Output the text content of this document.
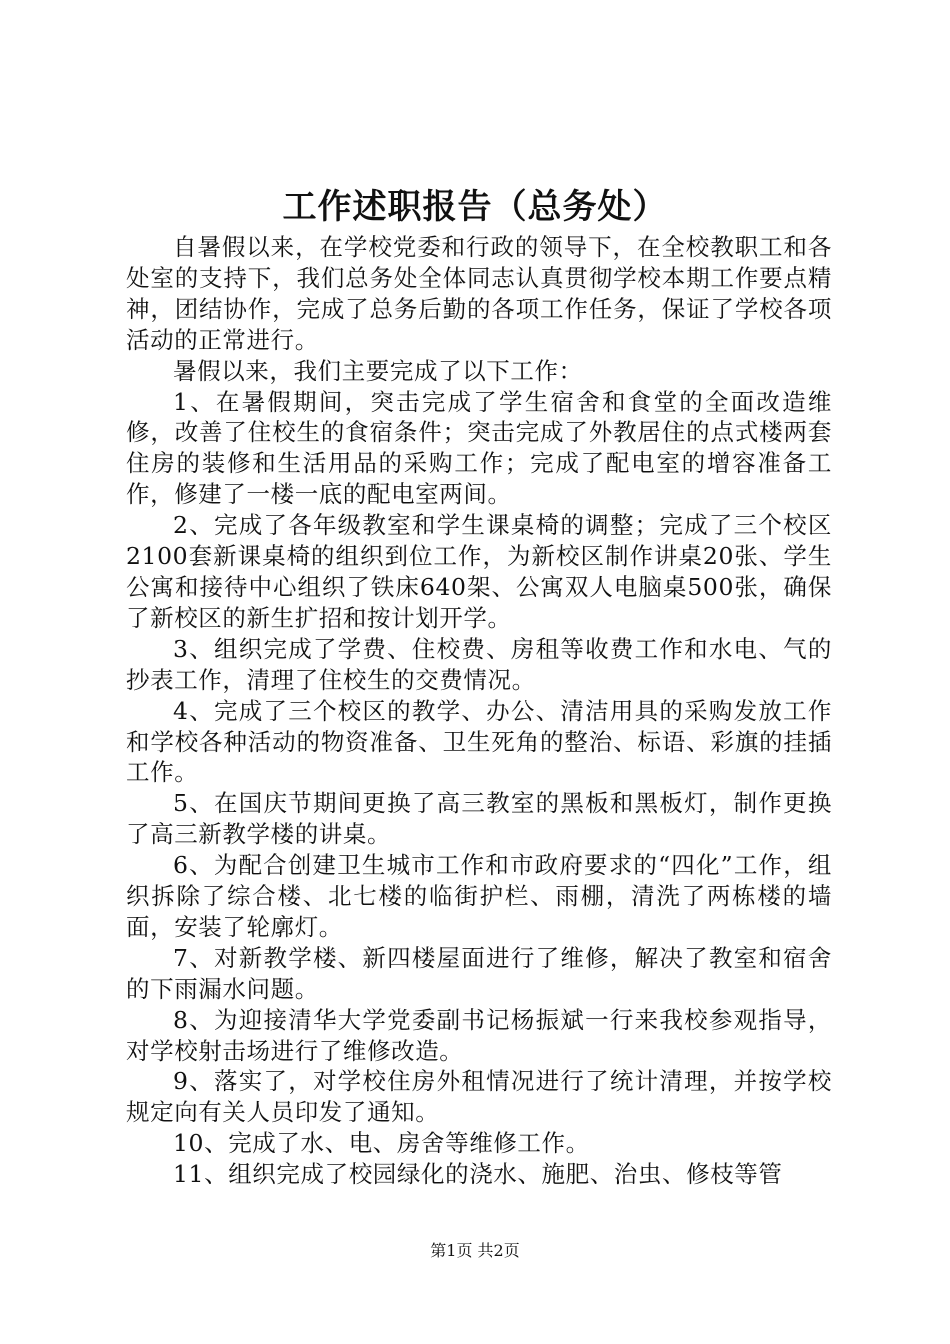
工作述职报告（总务处）

自暑假以来，在学校党委和行政的领导下，在全校教职工和各处室的支持下，我们总务处全体同志认真贯彻学校本期工作要点精神，团结协作，完成了总务后勤的各项工作任务，保证了学校各项活动的正常进行。

暑假以来，我们主要完成了以下工作：

1、在暑假期间，突击完成了学生宿舍和食堂的全面改造维修，改善了住校生的食宿条件；突击完成了外教居住的点式楼两套住房的装修和生活用品的采购工作；完成了配电室的增容准备工作，修建了一楼一底的配电室两间。

2、完成了各年级教室和学生课桌椅的调整；完成了三个校区2100套新课桌椅的组织到位工作，为新校区制作讲桌20张、学生公寓和接待中心组织了铁床640架、公寓双人电脑桌500张，确保了新校区的新生扩招和按计划开学。

3、组织完成了学费、住校费、房租等收费工作和水电、气的抄表工作，清理了住校生的交费情况。

4、完成了三个校区的教学、办公、清洁用具的采购发放工作和学校各种活动的物资准备、卫生死角的整治、标语、彩旗的挂插工作。

5、在国庆节期间更换了高三教室的黑板和黑板灯，制作更换了高三新教学楼的讲桌。

6、为配合创建卫生城市工作和市政府要求的“四化”工作，组织拆除了综合楼、北七楼的临街护栏、雨棚，清洗了两栋楼的墙面，安装了轮廓灯。

7、对新教学楼、新四楼屋面进行了维修，解决了教室和宿舍的下雨漏水问题。

8、为迎接清华大学党委副书记杨振斌一行来我校参观指导，对学校射击场进行了维修改造。

9、落实了，对学校住房外租情况进行了统计清理，并按学校规定向有关人员印发了通知。

10、完成了水、电、房舍等维修工作。

11、组织完成了校园绿化的浇水、施肥、治虫、修枝等管

第1页 共2页
